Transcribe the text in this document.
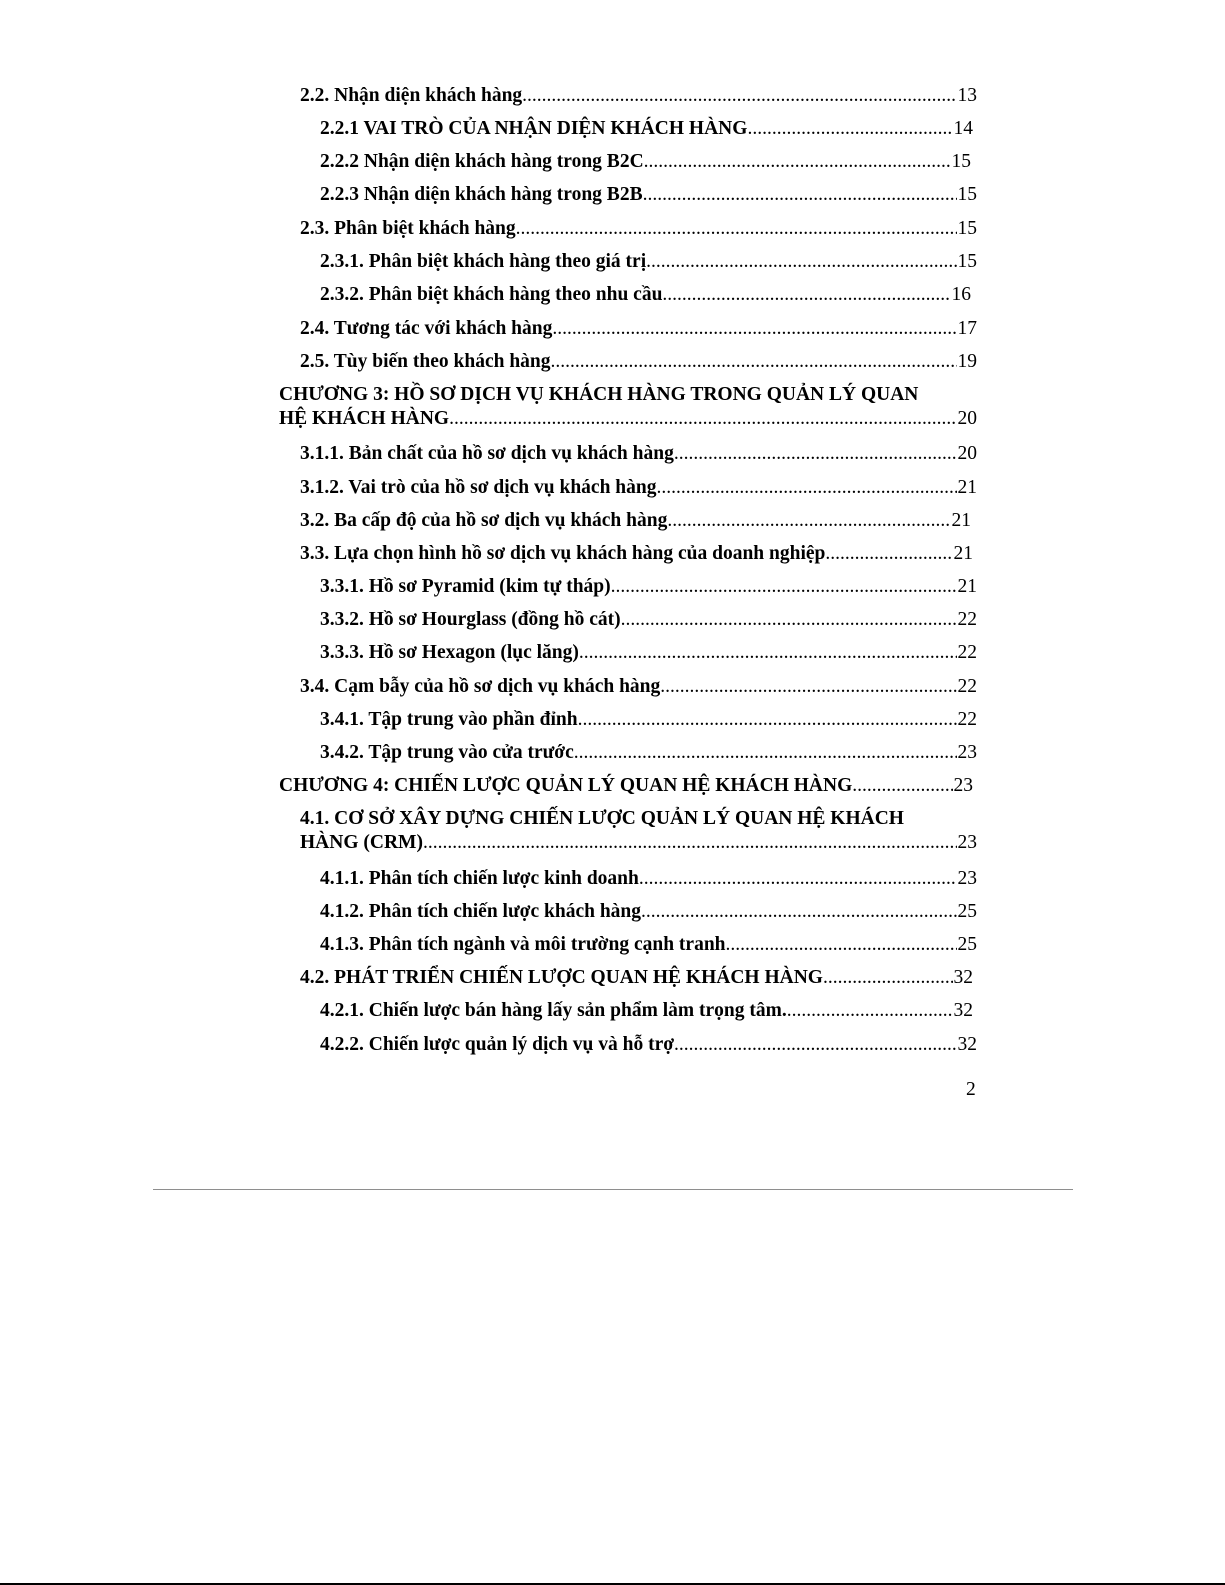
2.2. Nhận diện khách hàng .....	13
2.2.1 VAI TRÒ CỦA NHẬN DIỆN KHÁCH HÀNG .....	14
2.2.2 Nhận diện khách hàng trong B2C .....	15
2.2.3 Nhận diện khách hàng trong B2B .....	15
2.3. Phân biệt khách hàng .....	15
2.3.1. Phân biệt khách hàng theo giá trị .....	15
2.3.2. Phân biệt khách hàng theo nhu cầu .....	16
2.4. Tương tác với khách hàng .....	17
2.5. Tùy biến theo khách hàng .....	19
CHƯƠNG 3: HỒ SƠ DỊCH VỤ KHÁCH HÀNG TRONG QUẢN LÝ QUAN
HỆ KHÁCH HÀNG .....	20
3.1.1. Bản chất của hồ sơ dịch vụ khách hàng .....	20
3.1.2. Vai trò của hồ sơ dịch vụ khách hàng .....	21
3.2. Ba cấp độ của hồ sơ dịch vụ khách hàng .....	21
3.3. Lựa chọn hình hồ sơ dịch vụ khách hàng của doanh nghiệp .....	21
3.3.1. Hồ sơ Pyramid (kim tự tháp) .....	21
3.3.2. Hồ sơ Hourglass (đồng hồ cát) .....	22
3.3.3. Hồ sơ Hexagon (lục lăng) .....	22
3.4. Cạm bẫy của hồ sơ dịch vụ khách hàng .....	22
3.4.1. Tập trung vào phần đỉnh .....	22
3.4.2. Tập trung vào cửa trước .....	23
CHƯƠNG 4: CHIẾN LƯỢC QUẢN LÝ QUAN HỆ KHÁCH HÀNG .....	23
4.1. CƠ SỞ XÂY DỰNG CHIẾN LƯỢC QUẢN LÝ QUAN HỆ KHÁCH
HÀNG (CRM) .....	23
4.1.1. Phân tích chiến lược kinh doanh .....	23
4.1.2. Phân tích chiến lược khách hàng .....	25
4.1.3. Phân tích ngành và môi trường cạnh tranh .....	25
4.2. PHÁT TRIỂN CHIẾN LƯỢC QUAN HỆ KHÁCH HÀNG .....	32
4.2.1. Chiến lược bán hàng lấy sản phẩm làm trọng tâm. .....	32
4.2.2. Chiến lược quản lý dịch vụ và hỗ trợ .....	32
2
